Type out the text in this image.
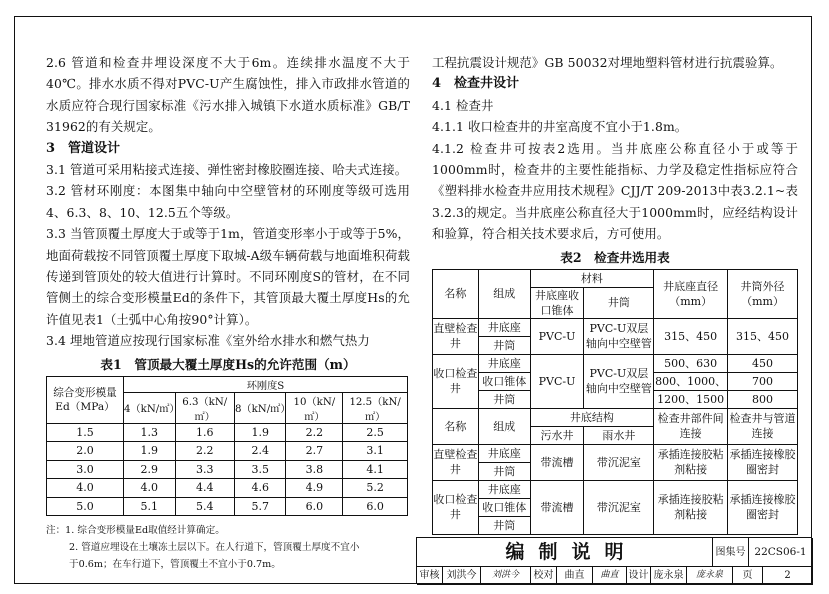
2.6 管道和检查井埋设深度不大于6m。连续排水温度不大于40℃。排水水质不得对PVC-U产生腐蚀性，排入市政排水管道的水质应符合现行国家标准《污水排入城镇下水道水质标准》GB/T 31962的有关规定。

3 管道设计

3.1 管道可采用粘接式连接、弹性密封橡胶圈连接、哈夫式连接。

3.2 管材环刚度：本图集中轴向中空壁管材的环刚度等级可选用4、6.3、8、10、12.5五个等级。

3.3 当管顶覆土厚度大于或等于1m，管道变形率小于或等于5%，地面荷载按不同管顶覆土厚度下取城-A级车辆荷载与地面堆积荷载传递到管顶处的较大值进行计算时。不同环刚度S的管材，在不同管侧土的综合变形模量Ed的条件下，其管顶最大覆土厚度Hs的允许值见表1（土弧中心角按90°计算）。

3.4 埋地管道应按现行国家标准《室外给水排水和燃气热力

表1　管顶最大覆土厚度Hs的允许范围（m）
综合变形模量
Ed（MPa）	环刚度S				
	4（kN/㎡）	6.3（kN/㎡）	8（kN/㎡）	10（kN/㎡）	12.5（kN/㎡）
1.5	1.3	1.6	1.9	2.2	2.5
2.0	1.9	2.2	2.4	2.7	3.1
3.0	2.9	3.3	3.5	3.8	4.1
4.0	4.0	4.4	4.6	4.9	5.2
5.0	5.1	5.4	5.7	6.0	6.0
注：1. 综合变形模量Ed取值经计算确定。
2. 管道应埋设在土壤冻土层以下。在人行道下，管顶覆土厚度不宜小
于0.6m；在车行道下，管顶覆土不宜小于0.7m。

工程抗震设计规范》GB 50032对埋地塑料管材进行抗震验算。

4 检查井设计

4.1 检查井

4.1.1 收口检查井的井室高度不宜小于1.8m。

4.1.2 检查井可按表2选用。当井底座公称直径小于或等于1000mm时，检查井的主要性能指标、力学及稳定性指标应符合《塑料排水检查井应用技术规程》CJJ/T 209-2013中表3.2.1~表3.2.3的规定。当井底座公称直径大于1000mm时，应经结构设计和验算，符合相关技术要求后，方可使用。

表2　检查井选用表
名称	组成	材料		井底座直径（mm）	井筒外径（mm）
		井底座收口锥体	井筒		
直壁检查井	井底座	PVC-U	PVC-U双层轴向中空壁管	315、450	315、450
	井筒				
收口检查井	井底座	PVC-U	PVC-U双层轴向中空壁管	500、630	450
	收口锥体			800、1000、	700
	井筒			1200、1500	800
名称	组成	井底结构		检查井部件间连接	检查井与管道连接
		污水井	雨水井		
直壁检查井	井底座	带流槽	带沉泥室	承插连接胶粘剂粘接	承插连接橡胶圈密封
	井筒				
收口检查井	井底座	带流槽	带沉泥室	承插连接胶粘剂粘接	承插连接橡胶圈密封
	收口锥体				
	井筒				
编制说明	图集号 22CS06-1
审核 刘洪今	刘洪今	校对	曲直	曲直	设计 庞永泉	庞永泉	页	2
